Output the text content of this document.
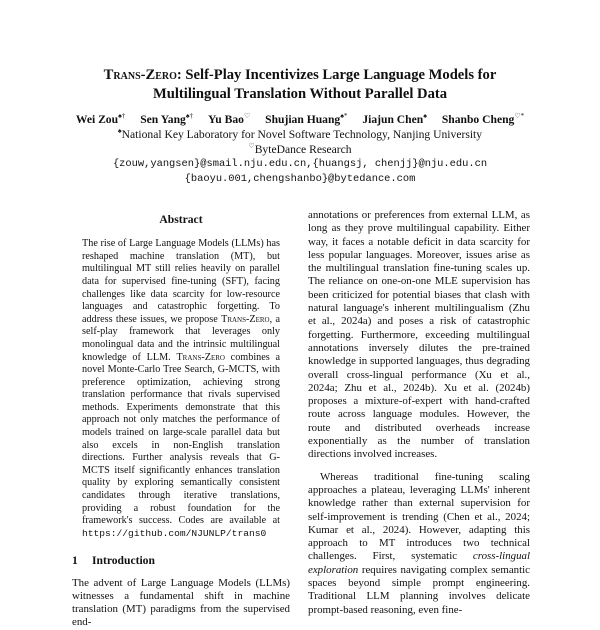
Trans-Zero: Self-Play Incentivizes Large Language Models for
Multilingual Translation Without Parallel Data
Wei Zou♠† Sen Yang♠† Yu Bao♡ Shujian Huang♠* Jiajun Chen♠ Shanbo Cheng♡*
♠National Key Laboratory for Novel Software Technology, Nanjing University
♡ByteDance Research
{zouw,yangsen}@smail.nju.edu.cn,{huangsj, chenjj}@nju.edu.cn
{baoyu.001,chengshanbo}@bytedance.com
Abstract
The rise of Large Language Models (LLMs) has reshaped machine translation (MT), but multilingual MT still relies heavily on parallel data for supervised fine-tuning (SFT), facing challenges like data scarcity for low-resource languages and catastrophic forgetting. To address these issues, we propose Trans-Zero, a self-play framework that leverages only monolingual data and the intrinsic multilingual knowledge of LLM. Trans-Zero combines a novel Monte-Carlo Tree Search, G-MCTS, with preference optimization, achieving strong translation performance that rivals supervised methods. Experiments demonstrate that this approach not only matches the performance of models trained on large-scale parallel data but also excels in non-English translation directions. Further analysis reveals that G-MCTS itself significantly enhances translation quality by exploring semantically consistent candidates through iterative translations, providing a robust foundation for the framework's success. Codes are available at https://github.com/NJUNLP/trans0
1 Introduction

The advent of Large Language Models (LLMs) witnesses a fundamental shift in machine translation (MT) paradigms from the supervised end-

annotations or preferences from external LLM, as long as they prove multilingual capability. Either way, it faces a notable deficit in data scarcity for less popular languages. Moreover, issues arise as the multilingual translation fine-tuning scales up. The reliance on one-on-one MLE supervision has been criticized for potential biases that clash with natural language's inherent multilingualism (Zhu et al., 2024a) and poses a risk of catastrophic forgetting. Furthermore, exceeding multilingual annotations inversely dilutes the pre-trained knowledge in supported languages, thus degrading overall cross-lingual performance (Xu et al., 2024a; Zhu et al., 2024b). Xu et al. (2024b) proposes a mixture-of-expert with hand-crafted route across language modules. However, the route and distributed overheads increase exponentially as the number of translation directions involved increases.

Whereas traditional fine-tuning scaling approaches a plateau, leveraging LLMs' inherent knowledge rather than external supervision for self-improvement is trending (Chen et al., 2024; Kumar et al., 2024). However, adapting this approach to MT introduces two technical challenges. First, systematic cross-lingual exploration requires navigating complex semantic spaces beyond simple prompt engineering. Traditional LLM planning involves delicate prompt-based reasoning, even fine-
